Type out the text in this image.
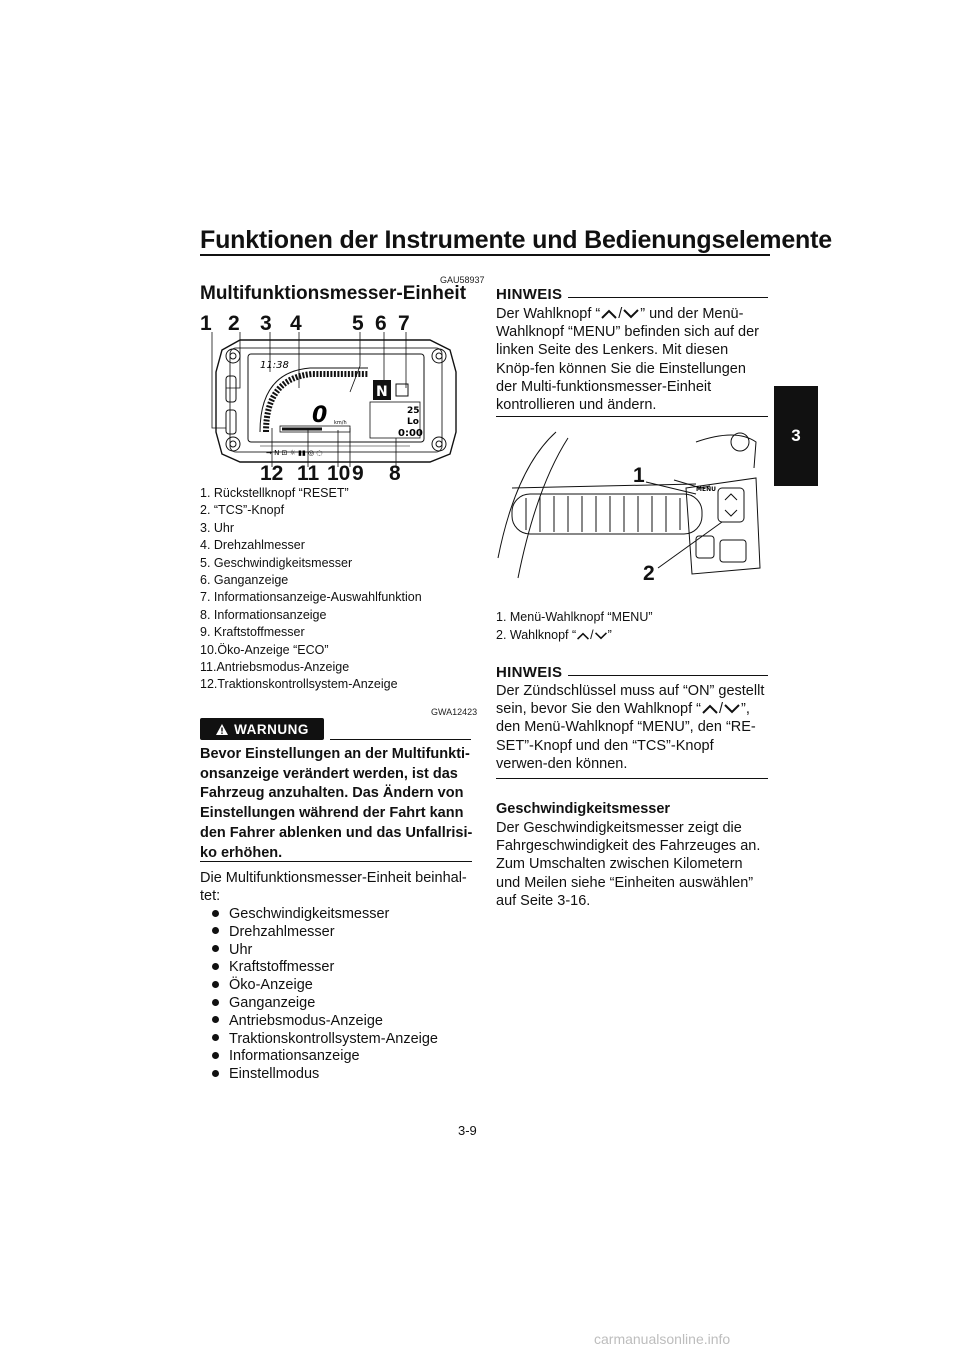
Funktionen der Instrumente und Bedienungselemente
3
GAU58937
Multifunktionsmesser-Einheit
1 2 3 4 5 6 7
11:38
0 km/h
N
25
Lo
0:00
→ N ⊡ ☼ ▮▮ ◎ ◌
12 11 10 9 8
1. Rückstellknopf “RESET”
2. “TCS”-Knopf
3. Uhr
4. Drehzahlmesser
5. Geschwindigkeitsmesser
6. Ganganzeige
7. Informationsanzeige-Auswahlfunktion
8. Informationsanzeige
9. Kraftstoffmesser
10.Öko-Anzeige “ECO”
11.Antriebsmodus-Anzeige
12.Traktionskontrollsystem-Anzeige
GWA12423
WARNUNG
Bevor Einstellungen an der Multifunkti-onsanzeige verändert werden, ist das Fahrzeug anzuhalten. Das Ändern von Einstellungen während der Fahrt kann den Fahrer ablenken und das Unfallrisi-ko erhöhen.
Die Multifunktionsmesser-Einheit beinhal-tet:
Geschwindigkeitsmesser
Drehzahlmesser
Uhr
Kraftstoffmesser
Öko-Anzeige
Ganganzeige
Antriebsmodus-Anzeige
Traktionskontrollsystem-Anzeige
Informationsanzeige
Einstellmodus
HINWEIS
Der Wahlknopf “ / ” und der Menü-
Wahlknopf “MENU” befinden sich auf der linken Seite des Lenkers. Mit diesen Knöp-fen können Sie die Einstellungen der Multi-funktionsmesser-Einheit kontrollieren und ändern.
MENU
1
2
1. Menü-Wahlknopf “MENU”
2. Wahlknopf “ / ”
HINWEIS
Der Zündschlüssel muss auf “ON” gestellt
sein, bevor Sie den Wahlknopf “ / ”,
den Menü-Wahlknopf “MENU”, den “RE-SET”-Knopf und den “TCS”-Knopf verwen-den können.
Geschwindigkeitsmesser
Der Geschwindigkeitsmesser zeigt die Fahrgeschwindigkeit des Fahrzeuges an. Zum Umschalten zwischen Kilometern und Meilen siehe “Einheiten auswählen” auf Seite 3-16.
3-9
carmanualsonline.info
